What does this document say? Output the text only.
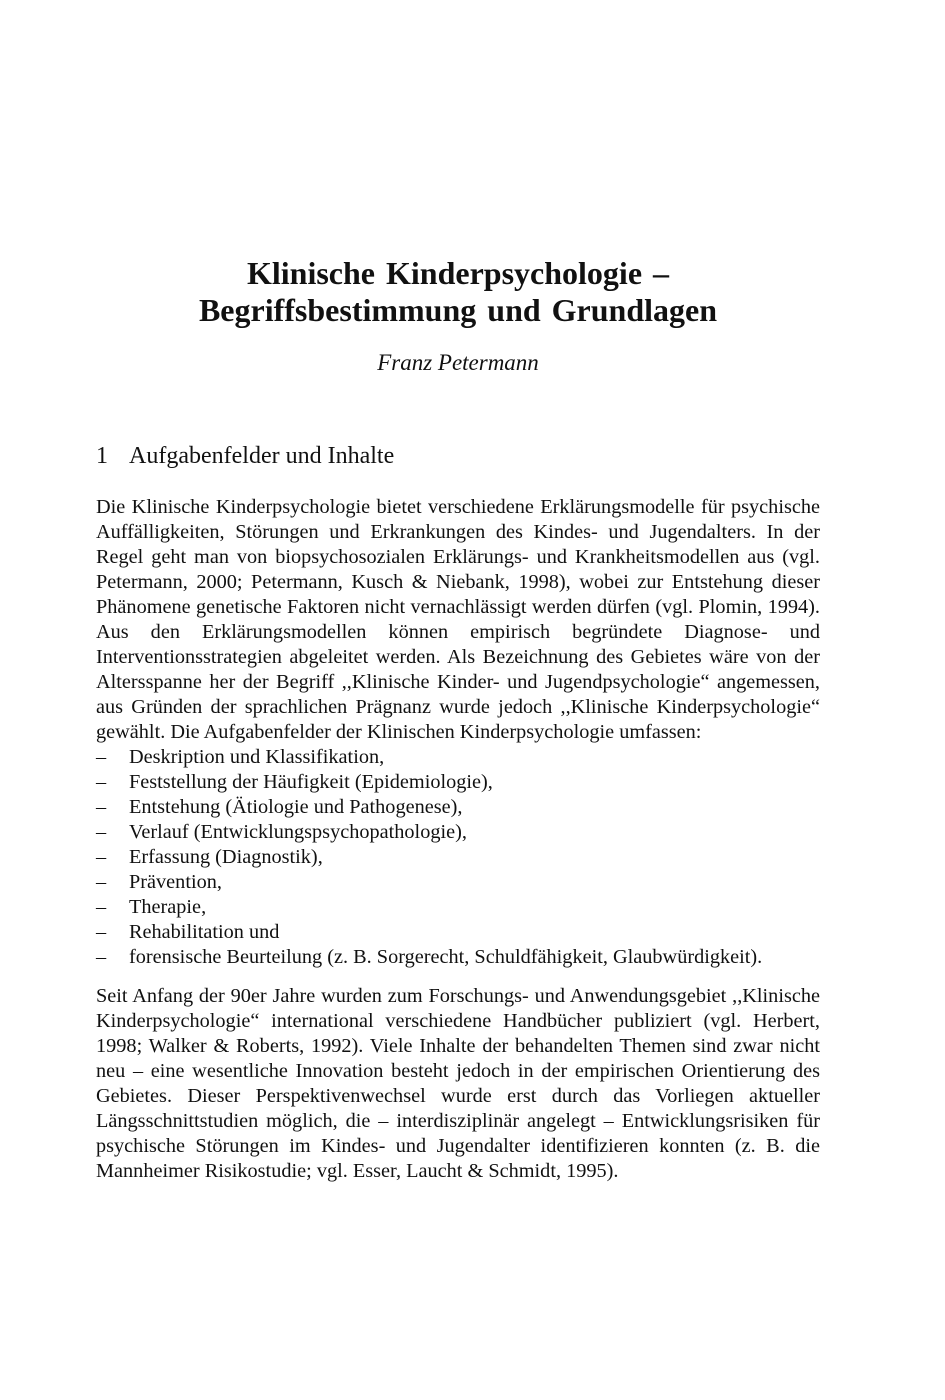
Klinische Kinderpsychologie –
Begriffsbestimmung und Grundlagen

Franz Petermann

1 Aufgabenfelder und Inhalte

Die Klinische Kinderpsychologie bietet verschiedene Erklärungsmodelle für psychische Auffälligkeiten, Störungen und Erkrankungen des Kindes- und Jugendalters. In der Regel geht man von biopsychosozialen Erklärungs- und Krankheitsmodellen aus (vgl. Petermann, 2000; Petermann, Kusch & Niebank, 1998), wobei zur Entstehung dieser Phänomene genetische Faktoren nicht vernachlässigt werden dürfen (vgl. Plomin, 1994). Aus den Erklärungsmodellen können empirisch begründete Diagnose- und Interventionsstrategien abgeleitet werden. Als Bezeichnung des Gebietes wäre von der Altersspanne her der Begriff ,,Klinische Kinder- und Jugendpsychologie“ angemessen, aus Gründen der sprachlichen Prägnanz wurde jedoch ,,Klinische Kinderpsychologie“ gewählt. Die Aufgabenfelder der Klinischen Kinderpsychologie umfassen:

– Deskription und Klassifikation,
– Feststellung der Häufigkeit (Epidemiologie),
– Entstehung (Ätiologie und Pathogenese),
– Verlauf (Entwicklungspsychopathologie),
– Erfassung (Diagnostik),
– Prävention,
– Therapie,
– Rehabilitation und
– forensische Beurteilung (z. B. Sorgerecht, Schuldfähigkeit, Glaubwürdigkeit).

Seit Anfang der 90er Jahre wurden zum Forschungs- und Anwendungsgebiet ,,Klinische Kinderpsychologie“ international verschiedene Handbücher publiziert (vgl. Herbert, 1998; Walker & Roberts, 1992). Viele Inhalte der behandelten Themen sind zwar nicht neu – eine wesentliche Innovation besteht jedoch in der empirischen Orientierung des Gebietes. Dieser Perspektivenwechsel wurde erst durch das Vorliegen aktueller Längsschnittstudien möglich, die – interdisziplinär angelegt – Entwicklungsrisiken für psychische Störungen im Kindes- und Jugendalter identifizieren konnten (z. B. die Mannheimer Risikostudie; vgl. Esser, Laucht & Schmidt, 1995).
